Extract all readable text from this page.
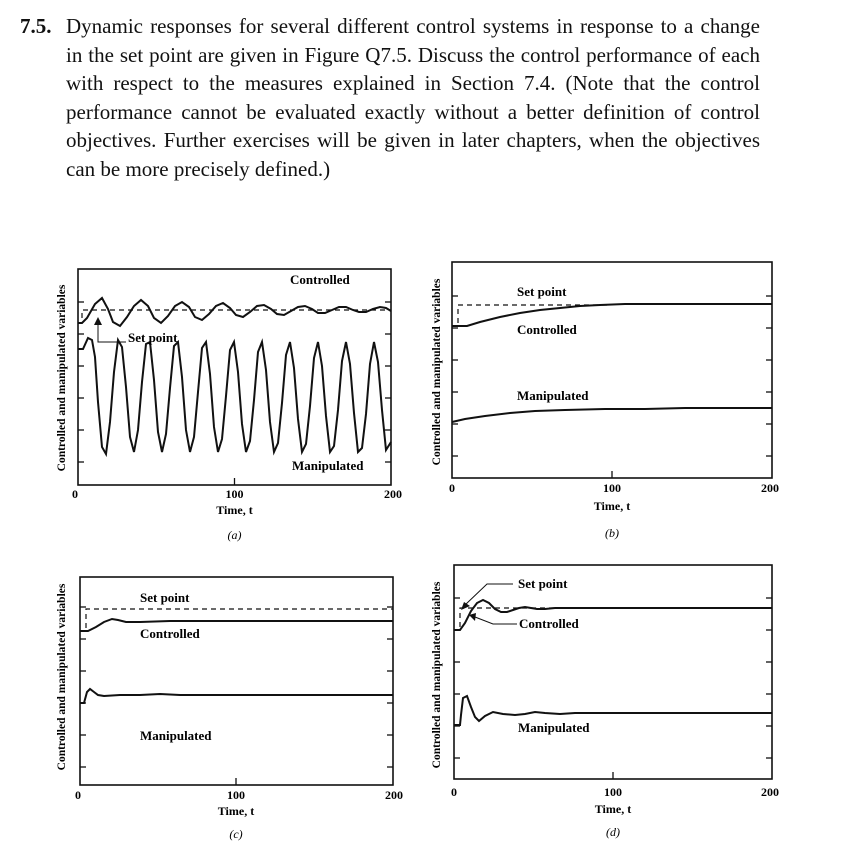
7.5. Dynamic responses for several different control systems in response to a change in the set point are given in Figure Q7.5. Discuss the control performance of each with respect to the measures explained in Section 7.4. (Note that the control performance cannot be evaluated exactly without a better definition of control objectives. Further exercises will be given in later chapters, when the objectives can be more precisely defined.)
Controlled and manipulated variables
Controlled
Set point
Manipulated
0	100	200
Time, t
(a)
Controlled and manipulated variables	Set point
Controlled
Manipulated
0	100	200
Time, t
(b)
Controlled and manipulated variables	Set point
Controlled
Manipulated
0	100	200
Time, t
(c)
Controlled and manipulated variables	Set point
Controlled
Manipulated
0	100	200
Time, t
(d)
